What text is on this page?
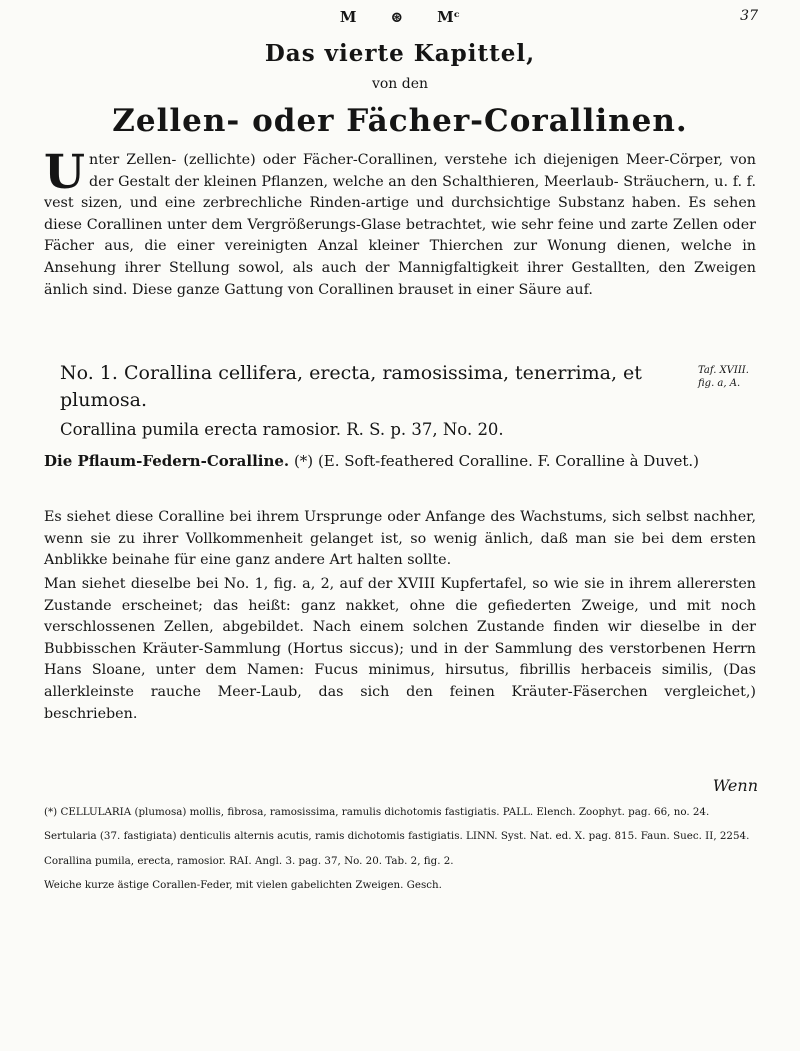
M ⊛ Mᶜ	37
Das vierte Kapittel,
von den
Zellen- oder Fächer-Corallinen.
Unter Zellen- (zellichte) oder Fächer-Corallinen, verstehe ich diejenigen Meer-Cörper, von der Gestalt der kleinen Pflanzen, welche an den Schalthieren, Meerlaub- Sträuchern, u. f. f. vest sizen, und eine zerbrechliche Rinden-artige und durchsichtige Substanz haben. Es sehen diese Corallinen unter dem Vergrößerungs-Glase betrachtet, wie sehr feine und zarte Zellen oder Fächer aus, die einer vereinigten Anzal kleiner Thierchen zur Wonung dienen, welche in Ansehung ihrer Stellung sowol, als auch der Mannigfaltigkeit ihrer Gestallten, den Zweigen änlich sind. Diese ganze Gattung von Corallinen brauset in einer Säure auf.
No. 1. Corallina cellifera, erecta, ramosissima, tenerrima, et plumosa.
Taf. XVIII.
fig. a, A.
Corallina pumila erecta ramosior. R. S. p. 37, No. 20.
Die Pflaum-Federn-Coralline. (*) (E. Soft-feathered Coralline. F. Coralline à Duvet.)
Es siehet diese Coralline bei ihrem Ursprunge oder Anfange des Wachstums, sich selbst nachher, wenn sie zu ihrer Vollkommenheit gelanget ist, so wenig änlich, daß man sie bei dem ersten Anblikke beinahe für eine ganz andere Art halten sollte.
Man siehet dieselbe bei No. 1, fig. a, 2, auf der XVIII Kupfertafel, so wie sie in ihrem allerersten Zustande erscheinet; das heißt: ganz nakket, ohne die gefiederten Zweige, und mit noch verschlossenen Zellen, abgebildet. Nach einem solchen Zustande finden wir dieselbe in der Bubbisschen Kräuter-Sammlung (Hortus siccus); und in der Sammlung des verstorbenen Herrn Hans Sloane, unter dem Namen: Fucus minimus, hirsutus, fibrillis herbaceis similis, (Das allerkleinste rauche Meer-Laub, das sich den feinen Kräuter-Fäserchen vergleichet,) beschrieben.
Wenn

(*) CELLULARIA (plumosa) mollis, fibrosa, ramosissima, ramulis dichotomis fastigiatis. PALL. Elench. Zoophyt. pag. 66, no. 24.

Sertularia (37. fastigiata) denticulis alternis acutis, ramis dichotomis fastigiatis. LINN. Syst. Nat. ed. X. pag. 815. Faun. Suec. II, 2254.

Corallina pumila, erecta, ramosior. RAI. Angl. 3. pag. 37, No. 20. Tab. 2, fig. 2.

Weiche kurze ästige Corallen-Feder, mit vielen gabelichten Zweigen. Gesch.
